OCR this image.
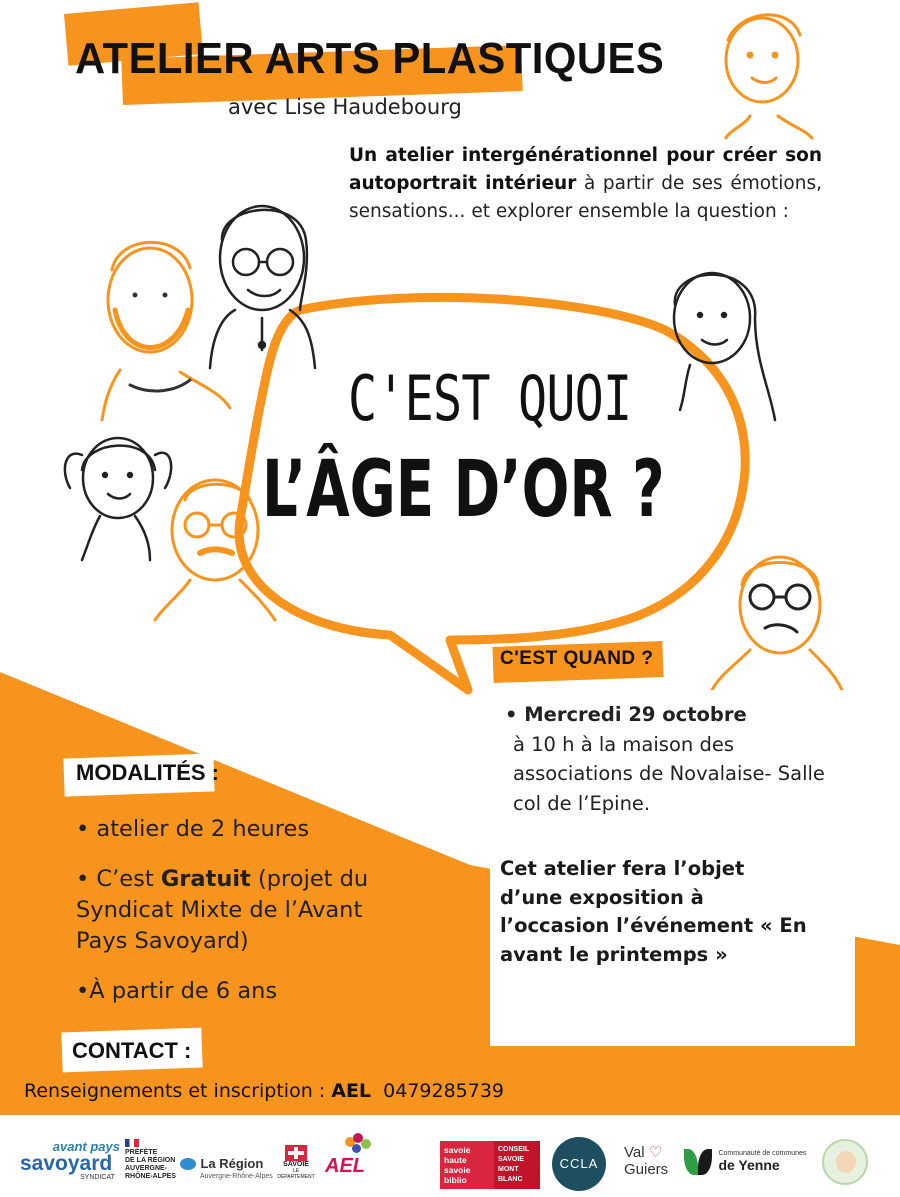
ATELIER ARTS PLASTIQUES
avec Lise Haudebourg
Un atelier intergénérationnel pour créer son autoportrait intérieur à partir de ses émotions, sensations... et explorer ensemble la question :
C'EST QUOI
L’ÂGE D’OR ?
MODALITÉS :

• atelier de 2 heures

• C’est Gratuit (projet du Syndicat Mixte de l’Avant Pays Savoyard)

•À partir de 6 ans

C'EST QUAND ?
• Mercredi 29 octobre
à 10 h à la maison des associations de Novalaise- Salle col de l’Epine.
Cet atelier fera l’objet d’une exposition à l’occasion l’événement « En avant le printemps »
CONTACT :
Renseignements et inscription : AEL 0479285739
avant pays
savoyard
SYNDICAT
PRÉFÈTE
DE LA RÉGION
AUVERGNE-
RHÔNE-ALPES
La Région
Auvergne-Rhône-Alpes
SAVOIE
LE DÉPARTEMENT AEL
savoie
haute
savoie
biblio
CONSEIL
SAVOIE
MONT
BLANC
CCLA
Val ♡
Guiers

Communauté de communes
de Yenne
